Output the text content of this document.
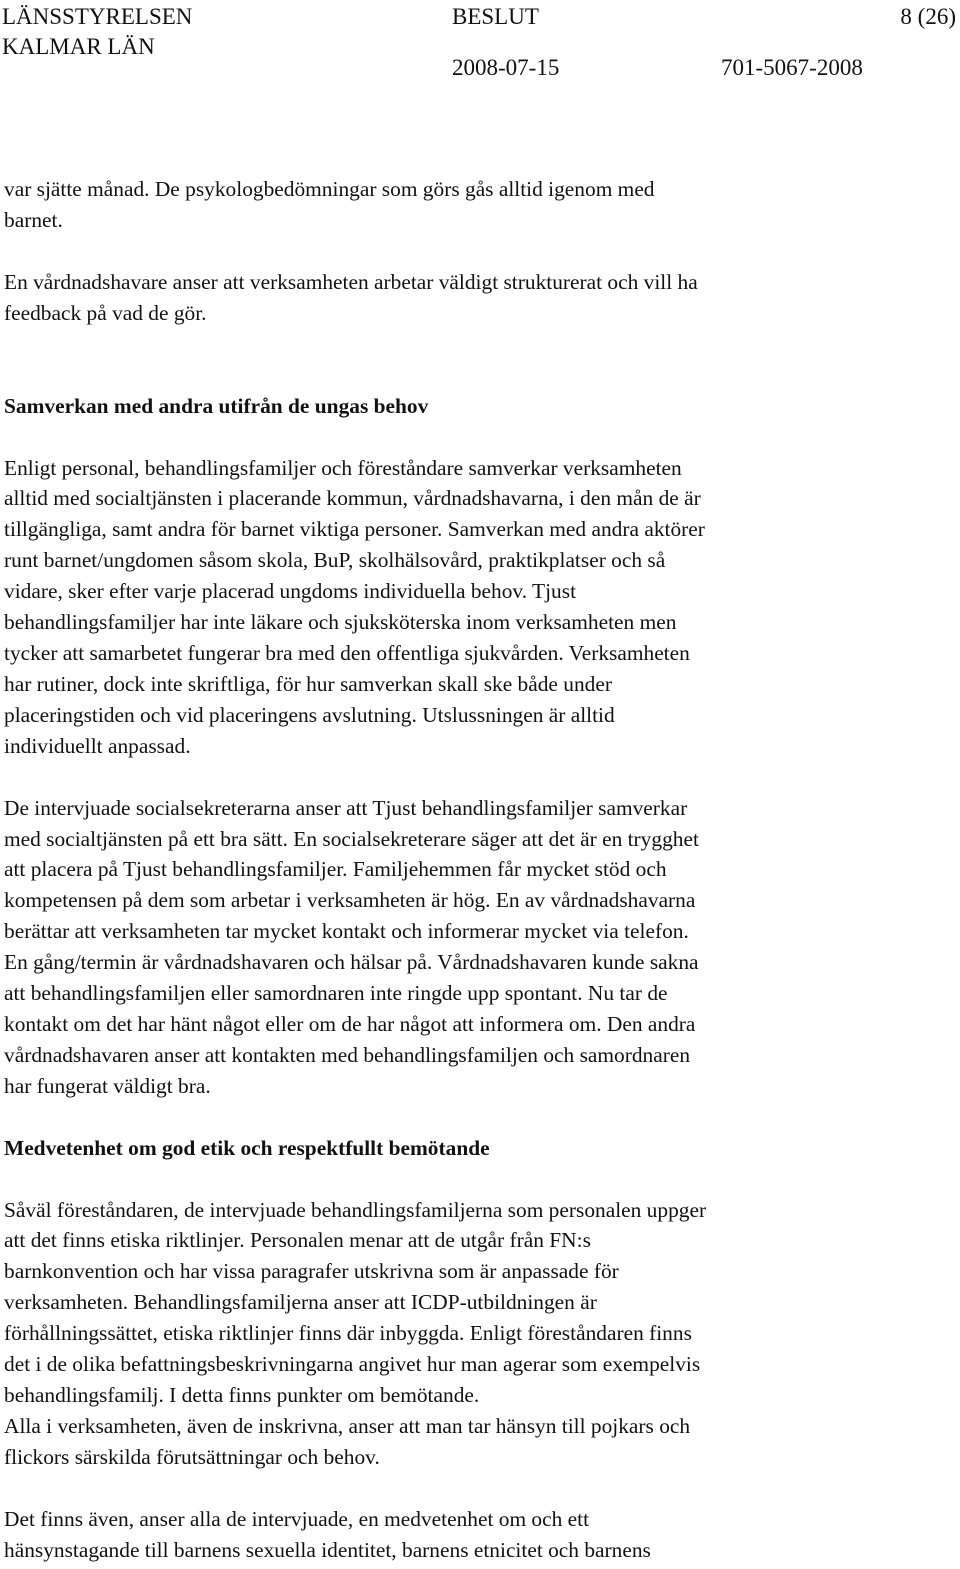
LÄNSSTYRELSEN

KALMAR LÄN

BESLUT

2008-07-15

8 (26)

701-5067-2008

var sjätte månad. De psykologbedömningar som görs gås alltid igenom med
barnet.

En vårdnadshavare anser att verksamheten arbetar väldigt strukturerat och vill ha
feedback på vad de gör.

Samverkan med andra utifrån de ungas behov

Enligt personal, behandlingsfamiljer och föreståndare samverkar verksamheten
alltid med socialtjänsten i placerande kommun, vårdnadshavarna, i den mån de är
tillgängliga, samt andra för barnet viktiga personer. Samverkan med andra aktörer
runt barnet/ungdomen såsom skola, BuP, skolhälsovård, praktikplatser och så
vidare, sker efter varje placerad ungdoms individuella behov. Tjust
behandlingsfamiljer har inte läkare och sjuksköterska inom verksamheten men
tycker att samarbetet fungerar bra med den offentliga sjukvården. Verksamheten
har rutiner, dock inte skriftliga, för hur samverkan skall ske både under
placeringstiden och vid placeringens avslutning. Utslussningen är alltid
individuellt anpassad.

De intervjuade socialsekreterarna anser att Tjust behandlingsfamiljer samverkar
med socialtjänsten på ett bra sätt. En socialsekreterare säger att det är en trygghet
att placera på Tjust behandlingsfamiljer. Familjehemmen får mycket stöd och
kompetensen på dem som arbetar i verksamheten är hög. En av vårdnadshavarna
berättar att verksamheten tar mycket kontakt och informerar mycket via telefon.
En gång/termin är vårdnadshavaren och hälsar på. Vårdnadshavaren kunde sakna
att behandlingsfamiljen eller samordnaren inte ringde upp spontant. Nu tar de
kontakt om det har hänt något eller om de har något att informera om. Den andra
vårdnadshavaren anser att kontakten med behandlingsfamiljen och samordnaren
har fungerat väldigt bra.

Medvetenhet om god etik och respektfullt bemötande

Såväl föreståndaren, de intervjuade behandlingsfamiljerna som personalen uppger
att det finns etiska riktlinjer. Personalen menar att de utgår från FN:s
barnkonvention och har vissa paragrafer utskrivna som är anpassade för
verksamheten. Behandlingsfamiljerna anser att ICDP-utbildningen är
förhållningssättet, etiska riktlinjer finns där inbyggda. Enligt föreståndaren finns
det i de olika befattningsbeskrivningarna angivet hur man agerar som exempelvis
behandlingsfamilj. I detta finns punkter om bemötande.
Alla i verksamheten, även de inskrivna, anser att man tar hänsyn till pojkars och
flickors särskilda förutsättningar och behov.

Det finns även, anser alla de intervjuade, en medvetenhet om och ett
hänsynstagande till barnens sexuella identitet, barnens etnicitet och barnens
